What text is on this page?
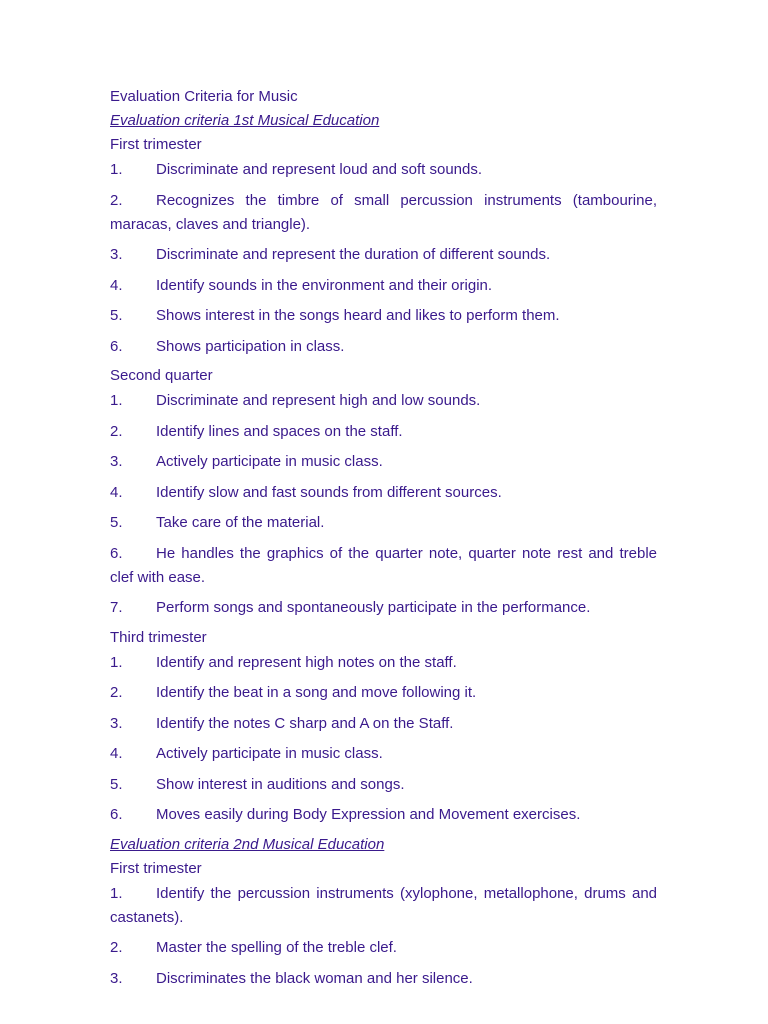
Evaluation Criteria for Music

Evaluation criteria 1st Musical Education

First trimester

1. Discriminate and represent loud and soft sounds.
2. Recognizes the timbre of small percussion instruments (tambourine, maracas, claves and triangle).
3. Discriminate and represent the duration of different sounds.
4. Identify sounds in the environment and their origin.
5. Shows interest in the songs heard and likes to perform them.
6. Shows participation in class.

Second quarter

1. Discriminate and represent high and low sounds.
2. Identify lines and spaces on the staff.
3. Actively participate in music class.
4. Identify slow and fast sounds from different sources.
5. Take care of the material.
6. He handles the graphics of the quarter note, quarter note rest and treble clef with ease.
7. Perform songs and spontaneously participate in the performance.

Third trimester

1. Identify and represent high notes on the staff.
2. Identify the beat in a song and move following it.
3. Identify the notes C sharp and A on the Staff.
4. Actively participate in music class.
5. Show interest in auditions and songs.
6. Moves easily during Body Expression and Movement exercises.

Evaluation criteria 2nd Musical Education

First trimester

1. Identify the percussion instruments (xylophone, metallophone, drums and castanets).
2. Master the spelling of the treble clef.
3. Discriminates the black woman and her silence.
